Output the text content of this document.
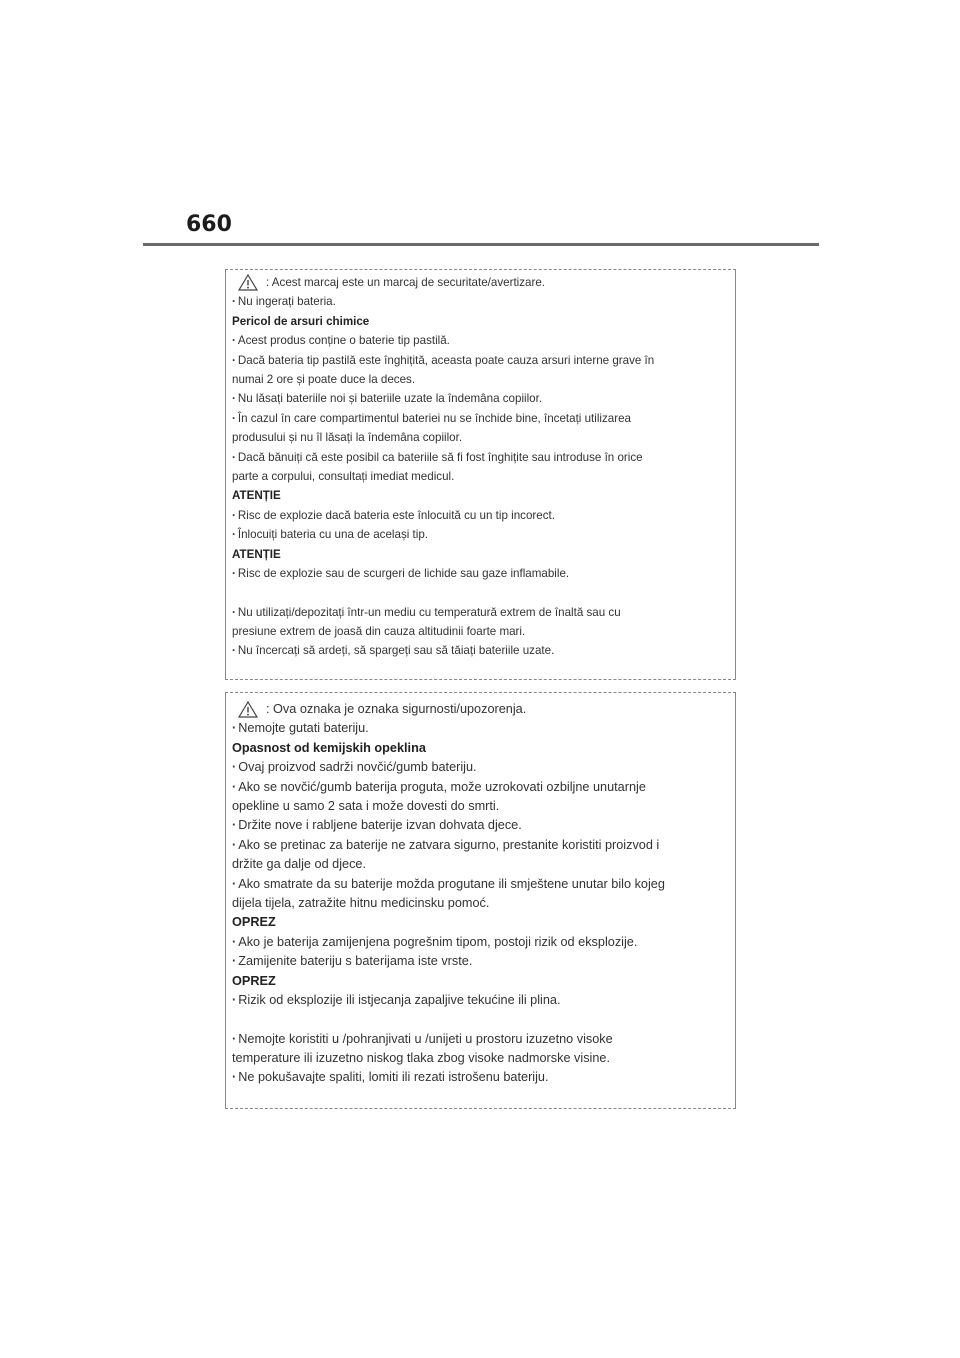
660
: Acest marcaj este un marcaj de securitate/avertizare.
· Nu ingerați bateria.
Pericol de arsuri chimice
· Acest produs conține o baterie tip pastilă.
· Dacă bateria tip pastilă este înghițită, aceasta poate cauza arsuri interne grave în
numai 2 ore și poate duce la deces.
· Nu lăsați bateriile noi și bateriile uzate la îndemâna copiilor.
· În cazul în care compartimentul bateriei nu se închide bine, încetați utilizarea
produsului și nu îl lăsați la îndemâna copiilor.
· Dacă bănuiți că este posibil ca bateriile să fi fost înghițite sau introduse în orice
parte a corpului, consultați imediat medicul.
ATENȚIE
· Risc de explozie dacă bateria este înlocuită cu un tip incorect.
· Înlocuiți bateria cu una de același tip.
ATENȚIE
· Risc de explozie sau de scurgeri de lichide sau gaze inflamabile.
· Nu utilizați/depozitați într-un mediu cu temperatură extrem de înaltă sau cu
presiune extrem de joasă din cauza altitudinii foarte mari.
· Nu încercați să ardeți, să spargeți sau să tăiați bateriile uzate.
: Ova oznaka je oznaka sigurnosti/upozorenja.
· Nemojte gutati bateriju.
Opasnost od kemijskih opeklina
· Ovaj proizvod sadrži novčić/gumb bateriju.
· Ako se novčić/gumb baterija proguta, može uzrokovati ozbiljne unutarnje
opekline u samo 2 sata i može dovesti do smrti.
· Držite nove i rabljene baterije izvan dohvata djece.
· Ako se pretinac za baterije ne zatvara sigurno, prestanite koristiti proizvod i
držite ga dalje od djece.
· Ako smatrate da su baterije možda progutane ili smještene unutar bilo kojeg
dijela tijela, zatražite hitnu medicinsku pomoć.
OPREZ
· Ako je baterija zamijenjena pogrešnim tipom, postoji rizik od eksplozije.
· Zamijenite bateriju s baterijama iste vrste.
OPREZ
· Rizik od eksplozije ili istjecanja zapaljive tekućine ili plina.
· Nemojte koristiti u /pohranjivati u /unijeti u prostoru izuzetno visoke
temperature ili izuzetno niskog tlaka zbog visoke nadmorske visine.
· Ne pokušavajte spaliti, lomiti ili rezati istrošenu bateriju.
